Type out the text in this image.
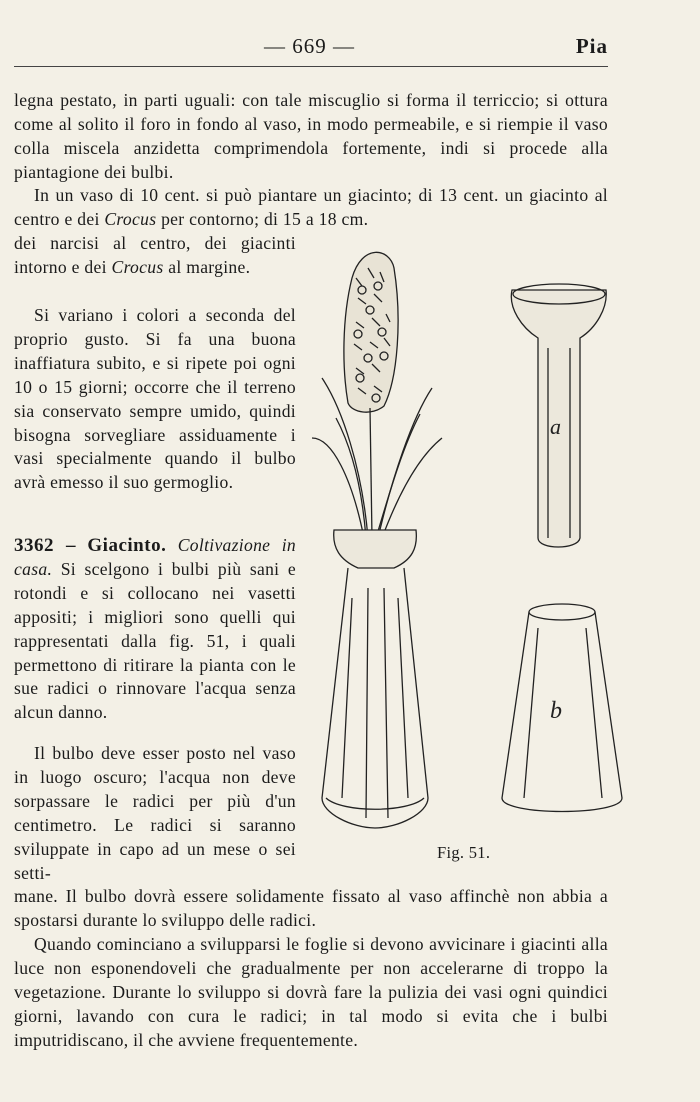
— 669 —	Pia

legna pestato, in parti uguali: con tale miscuglio si forma il terriccio; si ottura come al solito il foro in fondo al vaso, in modo permeabile, e si riempie il vaso colla miscela anzidetta comprimendola fortemente, indi si procede alla piantagione dei bulbi.

In un vaso di 10 cent. si può piantare un giacinto; di 13 cent. un giacinto al centro e dei Crocus per contorno; di 15 a 18 cm.

dei narcisi al centro, dei giacinti intorno e dei Crocus al margine.

Si variano i colori a seconda del proprio gusto. Si fa una buona inaffiatura subito, e si ripete poi ogni 10 o 15 giorni; occorre che il terreno sia conservato sempre umido, quindi bisogna sorvegliare assiduamente i vasi specialmente quando il bulbo avrà emesso il suo germoglio.

3362 – Giacinto. Coltivazione in casa. Si scelgono i bulbi più sani e rotondi e si collocano nei vasetti appositi; i migliori sono quelli qui rappresentati dalla fig. 51, i quali permettono di ritirare la pianta con le sue radici o rinnovare l'acqua senza alcun danno.

Il bulbo deve esser posto nel vaso in luogo oscuro; l'acqua non deve sorpassare le radici per più d'un centimetro. Le radici si saranno sviluppate in capo ad un mese o sei setti-

mane. Il bulbo dovrà essere solidamente fissato al vaso affinchè non abbia a spostarsi durante lo sviluppo delle radici.

Quando cominciano a svilupparsi le foglie si devono avvicinare i giacinti alla luce non esponendoveli che gradualmente per non accelerarne di troppo la vegetazione. Durante lo sviluppo si dovrà fare la pulizia dei vasi ogni quindici giorni, lavando con cura le radici; in tal modo si evita che i bulbi imputridiscano, il che avviene frequentemente.

a
b
Fig. 51.
